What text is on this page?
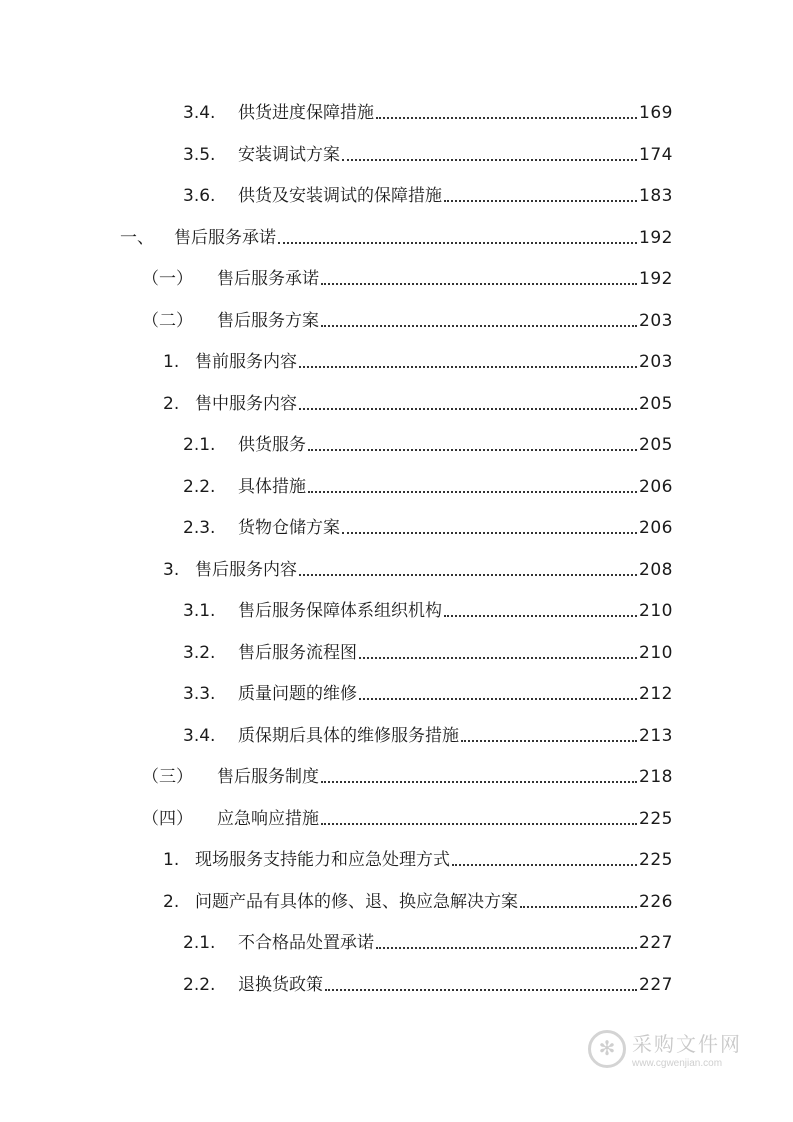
3.4.	供货进度保障措施	169
3.5.	安装调试方案	174
3.6.	供货及安装调试的保障措施	183
一、	售后服务承诺	192
（一）	售后服务承诺	192
（二）	售后服务方案	203
1. 售前服务内容	203
2. 售中服务内容	205
2.1.	供货服务	205
2.2.	具体措施	206
2.3.	货物仓储方案	206
3. 售后服务内容	208
3.1.	售后服务保障体系组织机构	210
3.2.	售后服务流程图	210
3.3.	质量问题的维修	212
3.4.	质保期后具体的维修服务措施	213
（三）	售后服务制度	218
（四）	应急响应措施	225
1. 现场服务支持能力和应急处理方式	225
2. 问题产品有具体的修、退、换应急解决方案	226
2.1.	不合格品处置承诺	227
2.2.	退换货政策	227
✻ 采购文件网
www.cgwenjian.com
